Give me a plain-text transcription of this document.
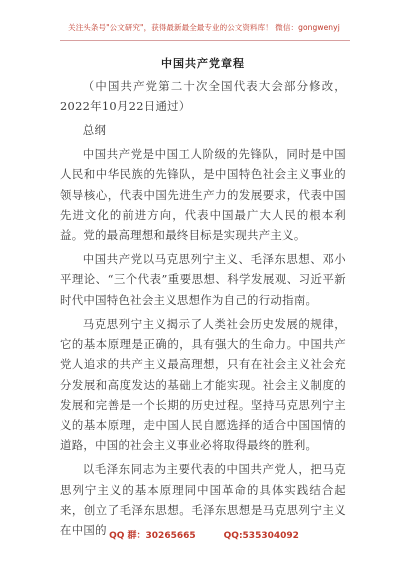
关注头条号"公文研究"，获得最新最全最专业的公文资料库！ 微信：gongwenyj
中国共产党章程

（中国共产党第二十次全国代表大会部分修改，2022年10月22日通过）

总纲

中国共产党是中国工人阶级的先锋队，同时是中国人民和中华民族的先锋队，是中国特色社会主义事业的领导核心，代表中国先进生产力的发展要求，代表中国先进文化的前进方向，代表中国最广大人民的根本利益。党的最高理想和最终目标是实现共产主义。

中国共产党以马克思列宁主义、毛泽东思想、邓小平理论、“三个代表”重要思想、科学发展观、习近平新时代中国特色社会主义思想作为自己的行动指南。

马克思列宁主义揭示了人类社会历史发展的规律，它的基本原理是正确的，具有强大的生命力。中国共产党人追求的共产主义最高理想，只有在社会主义社会充分发展和高度发达的基础上才能实现。社会主义制度的发展和完善是一个长期的历史过程。坚持马克思列宁主义的基本原理，走中国人民自愿选择的适合中国国情的道路，中国的社会主义事业必将取得最终的胜利。

以毛泽东同志为主要代表的中国共产党人，把马克思列宁主义的基本原理同中国革命的具体实践结合起来，创立了毛泽东思想。毛泽东思想是马克思列宁主义在中国的 QQ 群：30265665	QQ:535304092
